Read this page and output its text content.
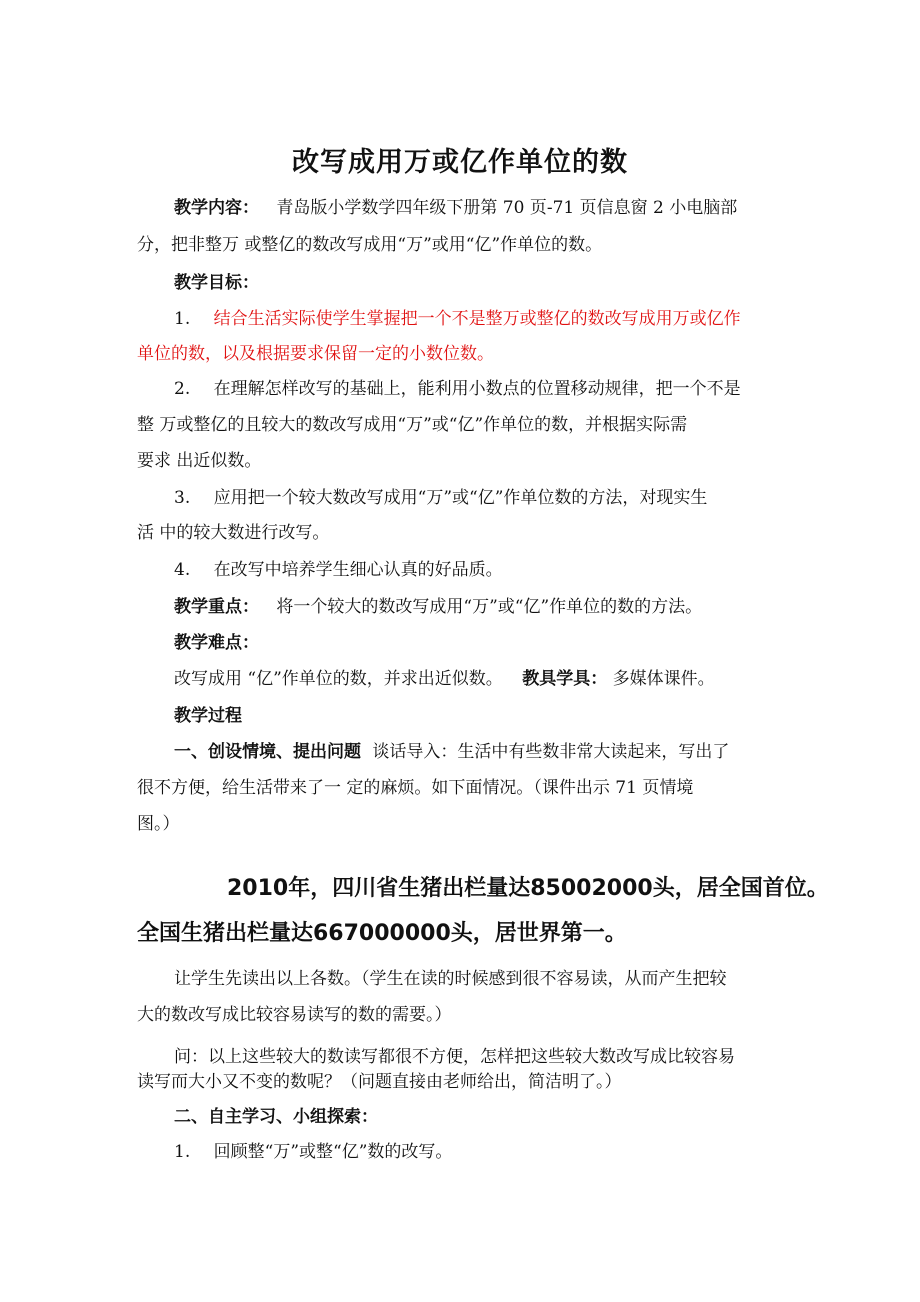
改写成用万或亿作单位的数
教学内容： 青岛版小学数学四年级下册第 70 页-71 页信息窗 2 小电脑部
分，把非整万 或整亿的数改写成用“万”或用“亿”作单位的数。
教学目标：
1. 结合生活实际使学生掌握把一个不是整万或整亿的数改写成用万或亿作
单位的数，以及根据要求保留一定的小数位数。
2. 在理解怎样改写的基础上，能利用小数点的位置移动规律，把一个不是
整 万或整亿的且较大的数改写成用“万”或“亿”作单位的数，并根据实际需
要求 出近似数。
3. 应用把一个较大数改写成用“万”或“亿”作单位数的方法，对现实生
活 中的较大数进行改写。
4. 在改写中培养学生细心认真的好品质。
教学重点： 将一个较大的数改写成用“万”或“亿”作单位的数的方法。
教学难点：
改写成用 “亿”作单位的数，并求出近似数。 教具学具： 多媒体课件。
教学过程
一、创设情境、提出问题 谈话导入：生活中有些数非常大读起来，写出了
很不方便，给生活带来了一 定的麻烦。如下面情况。（课件出示 71 页情境
图。）
2010年，四川省生猪出栏量达85002000头，居全国首位。
全国生猪出栏量达667000000头，居世界第一。
让学生先读出以上各数。（学生在读的时候感到很不容易读，从而产生把较
大的数改写成比较容易读写的数的需要。）
问：以上这些较大的数读写都很不方便，怎样把这些较大数改写成比较容易
读写而大小又不变的数呢？（问题直接由老师给出，简洁明了。）
二、自主学习、小组探索：
1. 回顾整“万”或整“亿”数的改写。
